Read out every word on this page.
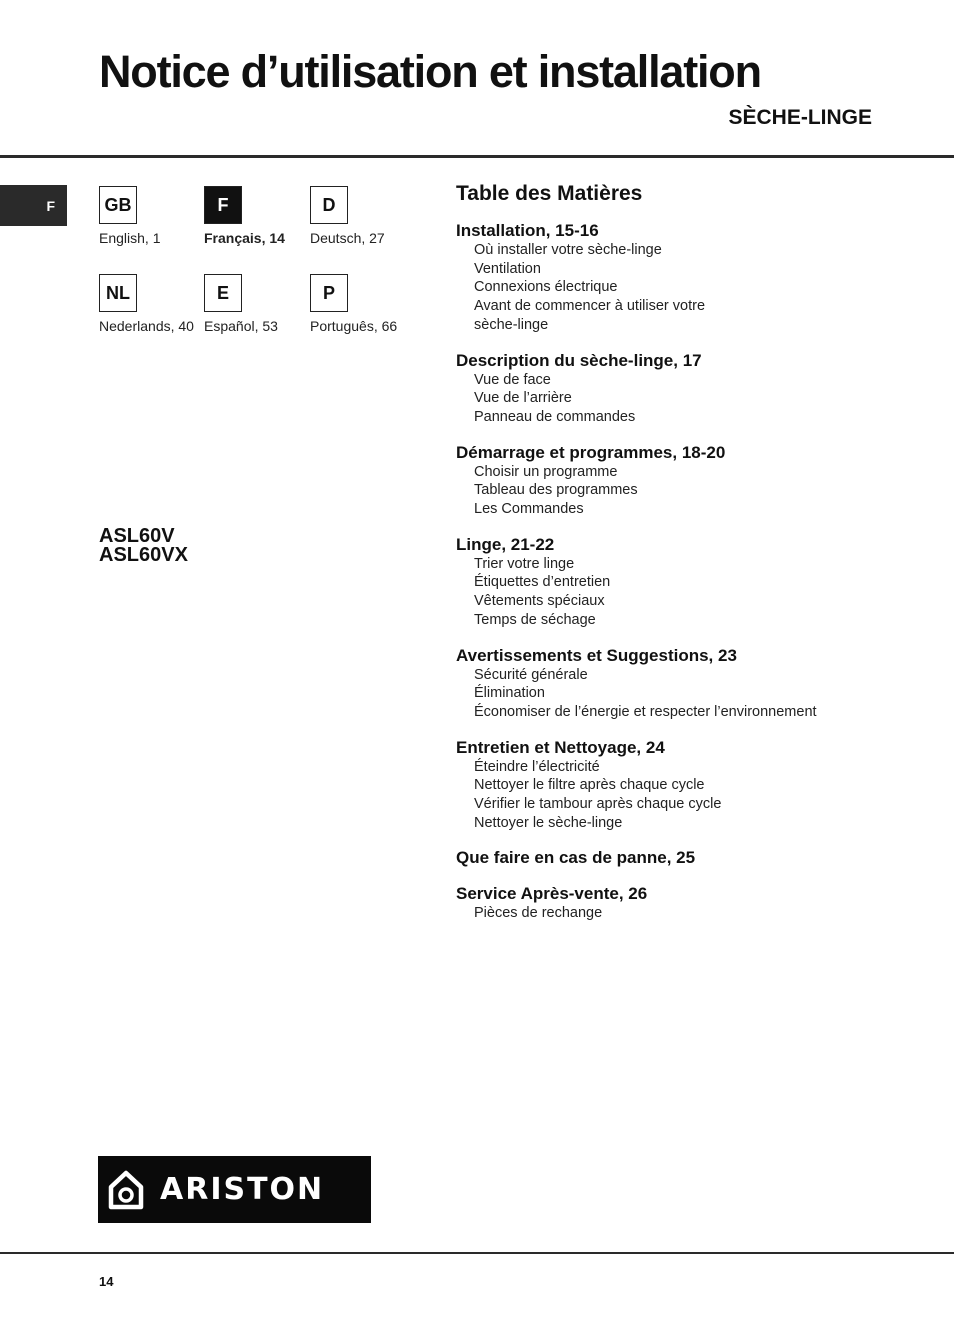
Notice d’utilisation et installation
SÈCHE-LINGE
F	GB
English, 1
F
Français, 14
D
Deutsch, 27
NL
Nederlands, 40
E
Español, 53
P
Português, 66
ASL60V
ASL60VX
Table des Matières
Installation, 15-16
Où installer votre sèche-linge
Ventilation
Connexions électrique
Avant de commencer à utiliser votre
sèche-linge
Description du sèche-linge, 17
Vue de face
Vue de l’arrière
Panneau de commandes
Démarrage et programmes, 18-20
Choisir un programme
Tableau des programmes
Les Commandes
Linge, 21-22
Trier votre linge
Étiquettes d’entretien
Vêtements spéciaux
Temps de séchage
Avertissements et Suggestions, 23
Sécurité générale
Élimination
Économiser de l’énergie et respecter l’environnement
Entretien et Nettoyage, 24
Éteindre l’électricité
Nettoyer le filtre après chaque cycle
Vérifier le tambour après chaque cycle
Nettoyer le sèche-linge
Que faire en cas de panne, 25
Service Après-vente, 26
Pièces de rechange
ARISTON
14
